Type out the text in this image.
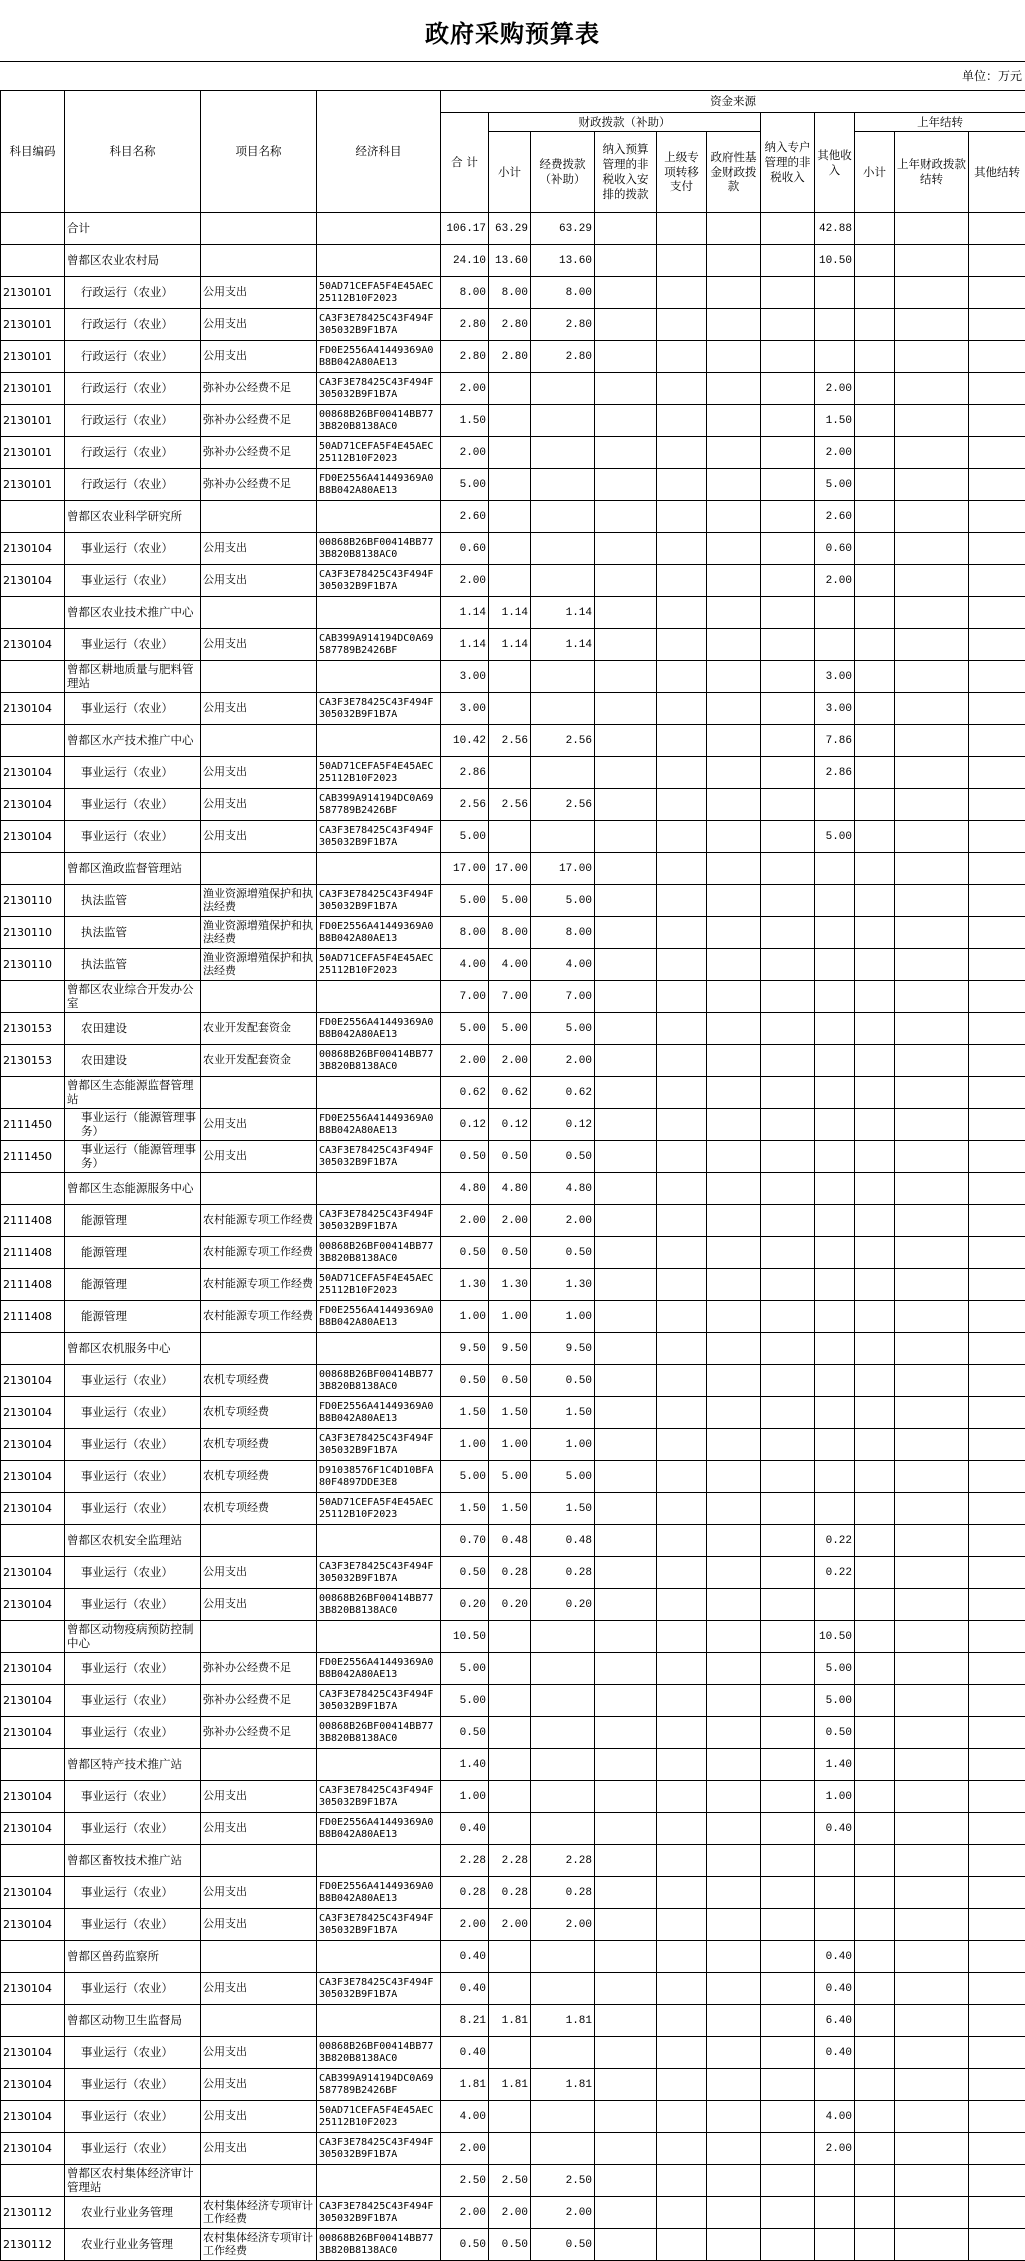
政府采购预算表
单位：万元
科目编码	科目名称	项目名称	经济科目	资金来源										
				合 计	财政拨款（补助）					纳入专户管理的非税收入	其他收入	上年结转		
					小计	经费拨款（补助）	纳入预算管理的非税收入安排的拨款	上级专项转移支付	政府性基金财政拨款			小计	上年财政拨款结转	其他结转
	合计			106.17	63.29	63.29					42.88			
	曾都区农业农村局			24.10	13.60	13.60					10.50			
2130101	行政运行（农业）	公用支出	50AD71CEFA5F4E45AEC25112B10F2023	8.00	8.00	8.00								
2130101	行政运行（农业）	公用支出	CA3F3E78425C43F494F305032B9F1B7A	2.80	2.80	2.80								
2130101	行政运行（农业）	公用支出	FD0E2556A41449369A0B8B042A80AE13	2.80	2.80	2.80								
2130101	行政运行（农业）	弥补办公经费不足	CA3F3E78425C43F494F305032B9F1B7A	2.00							2.00			
2130101	行政运行（农业）	弥补办公经费不足	00868B26BF00414BB773B820B8138AC0	1.50							1.50			
2130101	行政运行（农业）	弥补办公经费不足	50AD71CEFA5F4E45AEC25112B10F2023	2.00							2.00			
2130101	行政运行（农业）	弥补办公经费不足	FD0E2556A41449369A0B8B042A80AE13	5.00							5.00			
	曾都区农业科学研究所			2.60							2.60			
2130104	事业运行（农业）	公用支出	00868B26BF00414BB773B820B8138AC0	0.60							0.60			
2130104	事业运行（农业）	公用支出	CA3F3E78425C43F494F305032B9F1B7A	2.00							2.00			
	曾都区农业技术推广中心			1.14	1.14	1.14								
2130104	事业运行（农业）	公用支出	CAB399A914194DC0A69587789B2426BF	1.14	1.14	1.14								
	曾都区耕地质量与肥料管理站			3.00							3.00			
2130104	事业运行（农业）	公用支出	CA3F3E78425C43F494F305032B9F1B7A	3.00							3.00			
	曾都区水产技术推广中心			10.42	2.56	2.56					7.86			
2130104	事业运行（农业）	公用支出	50AD71CEFA5F4E45AEC25112B10F2023	2.86							2.86			
2130104	事业运行（农业）	公用支出	CAB399A914194DC0A69587789B2426BF	2.56	2.56	2.56								
2130104	事业运行（农业）	公用支出	CA3F3E78425C43F494F305032B9F1B7A	5.00							5.00			
	曾都区渔政监督管理站			17.00	17.00	17.00								
2130110	执法监管	渔业资源增殖保护和执法经费	CA3F3E78425C43F494F305032B9F1B7A	5.00	5.00	5.00								
2130110	执法监管	渔业资源增殖保护和执法经费	FD0E2556A41449369A0B8B042A80AE13	8.00	8.00	8.00								
2130110	执法监管	渔业资源增殖保护和执法经费	50AD71CEFA5F4E45AEC25112B10F2023	4.00	4.00	4.00								
	曾都区农业综合开发办公室			7.00	7.00	7.00								
2130153	农田建设	农业开发配套资金	FD0E2556A41449369A0B8B042A80AE13	5.00	5.00	5.00								
2130153	农田建设	农业开发配套资金	00868B26BF00414BB773B820B8138AC0	2.00	2.00	2.00								
	曾都区生态能源监督管理站			0.62	0.62	0.62								
2111450	事业运行（能源管理事务）	公用支出	FD0E2556A41449369A0B8B042A80AE13	0.12	0.12	0.12								
2111450	事业运行（能源管理事务）	公用支出	CA3F3E78425C43F494F305032B9F1B7A	0.50	0.50	0.50								
	曾都区生态能源服务中心			4.80	4.80	4.80								
2111408	能源管理	农村能源专项工作经费	CA3F3E78425C43F494F305032B9F1B7A	2.00	2.00	2.00								
2111408	能源管理	农村能源专项工作经费	00868B26BF00414BB773B820B8138AC0	0.50	0.50	0.50								
2111408	能源管理	农村能源专项工作经费	50AD71CEFA5F4E45AEC25112B10F2023	1.30	1.30	1.30								
2111408	能源管理	农村能源专项工作经费	FD0E2556A41449369A0B8B042A80AE13	1.00	1.00	1.00								
	曾都区农机服务中心			9.50	9.50	9.50								
2130104	事业运行（农业）	农机专项经费	00868B26BF00414BB773B820B8138AC0	0.50	0.50	0.50								
2130104	事业运行（农业）	农机专项经费	FD0E2556A41449369A0B8B042A80AE13	1.50	1.50	1.50								
2130104	事业运行（农业）	农机专项经费	CA3F3E78425C43F494F305032B9F1B7A	1.00	1.00	1.00								
2130104	事业运行（农业）	农机专项经费	D91038576F1C4D10BFA80F4897DDE3E8	5.00	5.00	5.00								
2130104	事业运行（农业）	农机专项经费	50AD71CEFA5F4E45AEC25112B10F2023	1.50	1.50	1.50								
	曾都区农机安全监理站			0.70	0.48	0.48					0.22			
2130104	事业运行（农业）	公用支出	CA3F3E78425C43F494F305032B9F1B7A	0.50	0.28	0.28					0.22			
2130104	事业运行（农业）	公用支出	00868B26BF00414BB773B820B8138AC0	0.20	0.20	0.20								
	曾都区动物疫病预防控制中心			10.50							10.50			
2130104	事业运行（农业）	弥补办公经费不足	FD0E2556A41449369A0B8B042A80AE13	5.00							5.00			
2130104	事业运行（农业）	弥补办公经费不足	CA3F3E78425C43F494F305032B9F1B7A	5.00							5.00			
2130104	事业运行（农业）	弥补办公经费不足	00868B26BF00414BB773B820B8138AC0	0.50							0.50			
	曾都区特产技术推广站			1.40							1.40			
2130104	事业运行（农业）	公用支出	CA3F3E78425C43F494F305032B9F1B7A	1.00							1.00			
2130104	事业运行（农业）	公用支出	FD0E2556A41449369A0B8B042A80AE13	0.40							0.40			
	曾都区畜牧技术推广站			2.28	2.28	2.28								
2130104	事业运行（农业）	公用支出	FD0E2556A41449369A0B8B042A80AE13	0.28	0.28	0.28								
2130104	事业运行（农业）	公用支出	CA3F3E78425C43F494F305032B9F1B7A	2.00	2.00	2.00								
	曾都区兽药监察所			0.40							0.40			
2130104	事业运行（农业）	公用支出	CA3F3E78425C43F494F305032B9F1B7A	0.40							0.40			
	曾都区动物卫生监督局			8.21	1.81	1.81					6.40			
2130104	事业运行（农业）	公用支出	00868B26BF00414BB773B820B8138AC0	0.40							0.40			
2130104	事业运行（农业）	公用支出	CAB399A914194DC0A69587789B2426BF	1.81	1.81	1.81								
2130104	事业运行（农业）	公用支出	50AD71CEFA5F4E45AEC25112B10F2023	4.00							4.00			
2130104	事业运行（农业）	公用支出	CA3F3E78425C43F494F305032B9F1B7A	2.00							2.00			
	曾都区农村集体经济审计管理站			2.50	2.50	2.50								
2130112	农业行业业务管理	农村集体经济专项审计工作经费	CA3F3E78425C43F494F305032B9F1B7A	2.00	2.00	2.00								
2130112	农业行业业务管理	农村集体经济专项审计工作经费	00868B26BF00414BB773B820B8138AC0	0.50	0.50	0.50								
